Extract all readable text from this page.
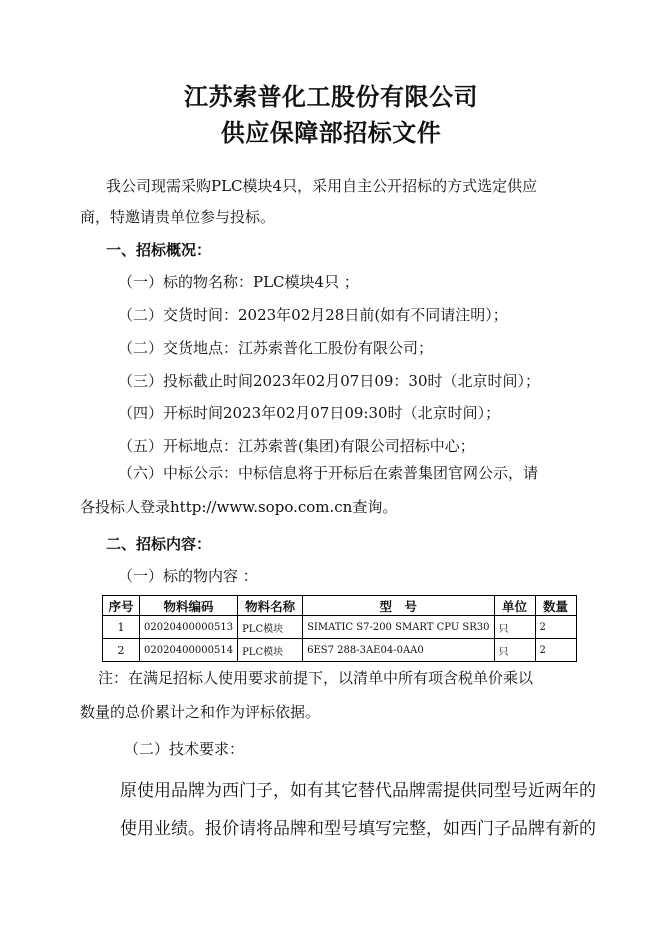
江苏索普化工股份有限公司
供应保障部招标文件
我公司现需采购PLC模块4只，采用自主公开招标的方式选定供应
商，特邀请贵单位参与投标。
一、招标概况：
（一）标的物名称：PLC模块4只 ；
（二）交货时间：2023年02月28日前(如有不同请注明）；
（二）交货地点：江苏索普化工股份有限公司；
（三）投标截止时间2023年02月07日09：30时（北京时间）；
（四）开标时间2023年02月07日09:30时（北京时间）；
（五）开标地点：江苏索普(集团)有限公司招标中心；
（六）中标公示：中标信息将于开标后在索普集团官网公示，请
各投标人登录http://www.sopo.com.cn查询。
二、招标内容：
（一）标的物内容 ：
序号	物料编码	物料名称	型　号	单位	数量
1	02020400000513	PLC模块	SIMATIC S7-200 SMART CPU SR30	只	2
2	02020400000514	PLC模块	6ES7 288-3AE04-0AA0	只	2
注：在满足招标人使用要求前提下，以清单中所有项含税单价乘以
数量的总价累计之和作为评标依据。
（二）技术要求：
原使用品牌为西门子，如有其它替代品牌需提供同型号近两年的
使用业绩。报价请将品牌和型号填写完整，如西门子品牌有新的
